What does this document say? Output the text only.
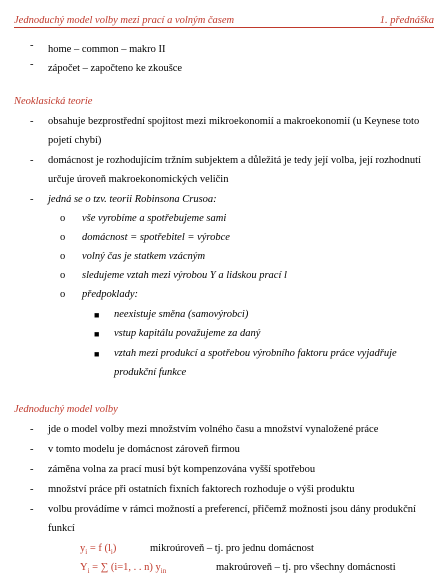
Jednoduchý model volby mezi prací a volným časem	1. přednáška
- home – common – makro II
- zápočet – započteno ke zkoušce
Neoklasická teorie
- obsahuje bezprostřední spojitost mezi mikroekonomií a makroekonomií (u Keynese toto pojetí chybí)
- domácnost je rozhodujícím tržním subjektem a důležitá je tedy její volba, její rozhodnutí určuje úroveň makroekonomických veličin
- jedná se o tzv. teorii Robinsona Crusoa:
o vše vyrobíme a spotřebujeme sami
o domácnost = spotřebitel = výrobce
o volný čas je statkem vzácným
o sledujeme vztah mezi výrobou Y a lidskou prací l
o předpoklady:
■ neexistuje směna (samovýrobci)
■ vstup kapitálu považujeme za daný
■ vztah mezi produkcí a spotřebou výrobního faktoru práce vyjadřuje produkční funkce
Jednoduchý model volby
- jde o model volby mezi množstvím volného času a množství vynaložené práce
- v tomto modelu je domácnost zároveň firmou
- záměna volna za prací musí být kompenzována vyšší spotřebou
- množství práce při ostatních fixních faktorech rozhoduje o výši produktu
- volbu provádíme v rámci možností a preferencí, přičemž možnosti jsou dány produkční funkcí
$y_i = f$ $(l_i)$	mikroúroveň – tj. pro jednu domácnost
$Y_i$ = ∑ (i=1, . . n) $y_{in}$	makroúroveň – tj. pro všechny domácnosti
